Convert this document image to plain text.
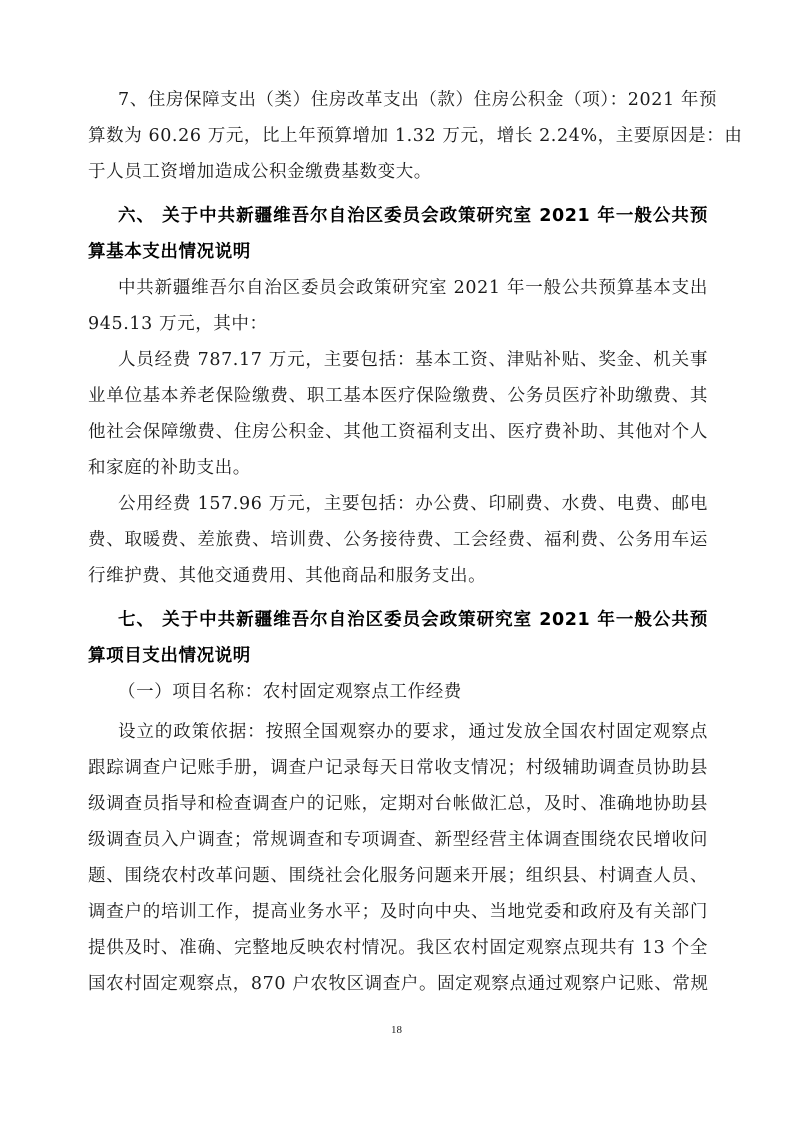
7、住房保障支出（类）住房改革支出（款）住房公积金（项）：2021 年预
算数为 60.26 万元，比上年预算增加 1.32 万元，增长 2.24%，主要原因是：由
于人员工资增加造成公积金缴费基数变大。
六、 关于中共新疆维吾尔自治区委员会政策研究室 2021 年一般公共预
算基本支出情况说明
中共新疆维吾尔自治区委员会政策研究室 2021 年一般公共预算基本支出
945.13 万元，其中：
人员经费 787.17 万元，主要包括：基本工资、津贴补贴、奖金、机关事
业单位基本养老保险缴费、职工基本医疗保险缴费、公务员医疗补助缴费、其
他社会保障缴费、住房公积金、其他工资福利支出、医疗费补助、其他对个人
和家庭的补助支出。
公用经费 157.96 万元，主要包括：办公费、印刷费、水费、电费、邮电
费、取暖费、差旅费、培训费、公务接待费、工会经费、福利费、公务用车运
行维护费、其他交通费用、其他商品和服务支出。
七、 关于中共新疆维吾尔自治区委员会政策研究室 2021 年一般公共预
算项目支出情况说明
（一）项目名称：农村固定观察点工作经费
设立的政策依据：按照全国观察办的要求，通过发放全国农村固定观察点
跟踪调查户记账手册，调查户记录每天日常收支情况；村级辅助调查员协助县
级调查员指导和检查调查户的记账，定期对台帐做汇总，及时、准确地协助县
级调查员入户调查；常规调查和专项调查、新型经营主体调查围绕农民增收问
题、围绕农村改革问题、围绕社会化服务问题来开展；组织县、村调查人员、
调查户的培训工作，提高业务水平；及时向中央、当地党委和政府及有关部门
提供及时、准确、完整地反映农村情况。我区农村固定观察点现共有 13 个全
国农村固定观察点，870 户农牧区调查户。固定观察点通过观察户记账、常规
18
